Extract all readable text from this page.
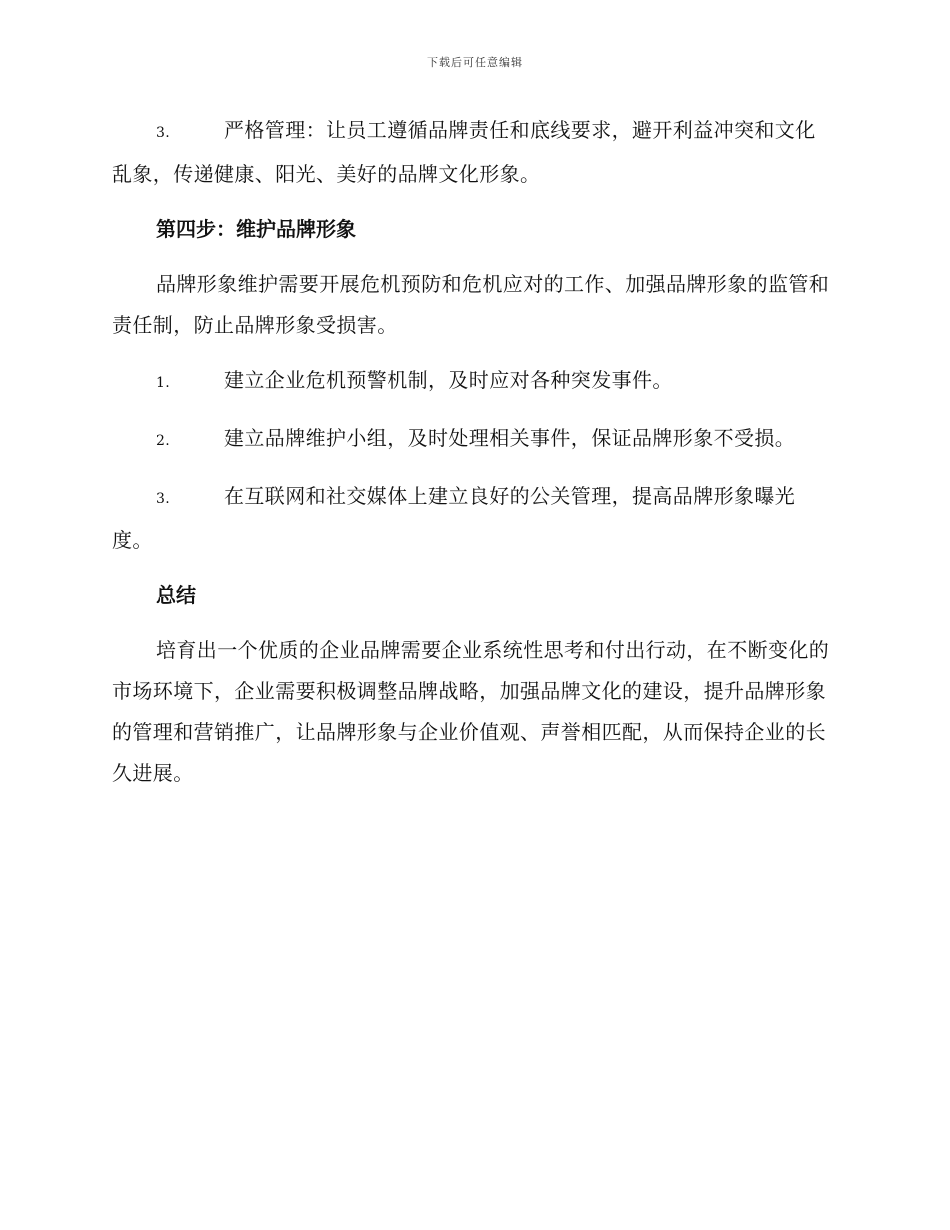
下载后可任意编辑

3.	严格管理：让员工遵循品牌责任和底线要求，避开利益冲突和文化乱象，传递健康、阳光、美好的品牌文化形象。

第四步：维护品牌形象

品牌形象维护需要开展危机预防和危机应对的工作、加强品牌形象的监管和责任制，防止品牌形象受损害。

1.	建立企业危机预警机制，及时应对各种突发事件。

2.	建立品牌维护小组，及时处理相关事件，保证品牌形象不受损。

3.	在互联网和社交媒体上建立良好的公关管理，提高品牌形象曝光度。

总结

培育出一个优质的企业品牌需要企业系统性思考和付出行动，在不断变化的市场环境下，企业需要积极调整品牌战略，加强品牌文化的建设，提升品牌形象的管理和营销推广，让品牌形象与企业价值观、声誉相匹配，从而保持企业的长久进展。
